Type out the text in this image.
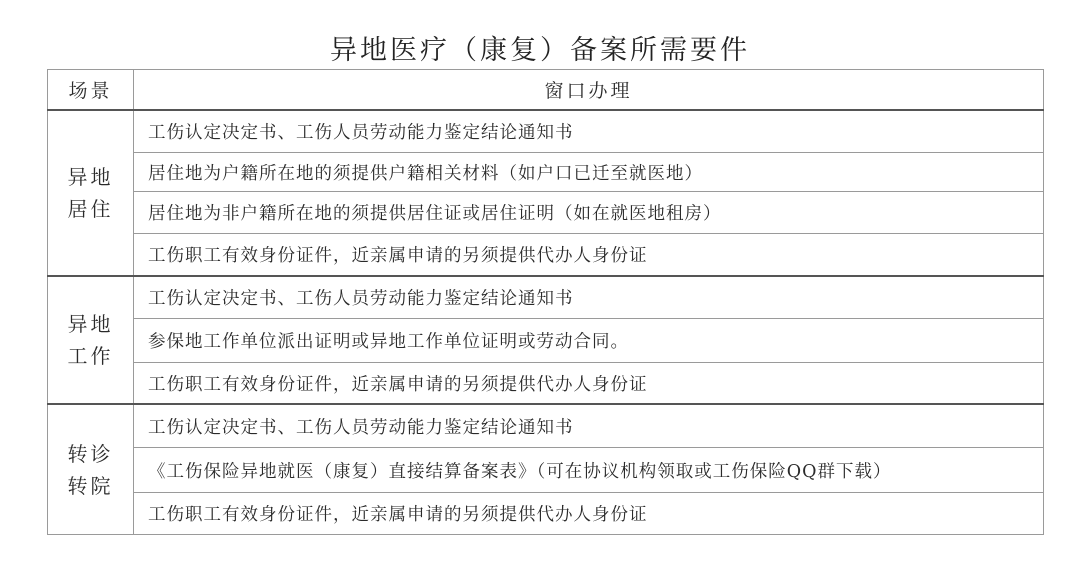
异地医疗（康复）备案所需要件
场景	窗口办理

异地
居住	工伤认定决定书、工伤人员劳动能力鉴定结论通知书
	居住地为户籍所在地的须提供户籍相关材料（如户口已迁至就医地）
	居住地为非户籍所在地的须提供居住证或居住证明（如在就医地租房）
	工伤职工有效身份证件，近亲属申请的另须提供代办人身份证

异地
工作	工伤认定决定书、工伤人员劳动能力鉴定结论通知书
	参保地工作单位派出证明或异地工作单位证明或劳动合同。
	工伤职工有效身份证件，近亲属申请的另须提供代办人身份证

转诊
转院	工伤认定决定书、工伤人员劳动能力鉴定结论通知书
	《工伤保险异地就医（康复）直接结算备案表》（可在协议机构领取或工伤保险QQ群下载）
	工伤职工有效身份证件，近亲属申请的另须提供代办人身份证
